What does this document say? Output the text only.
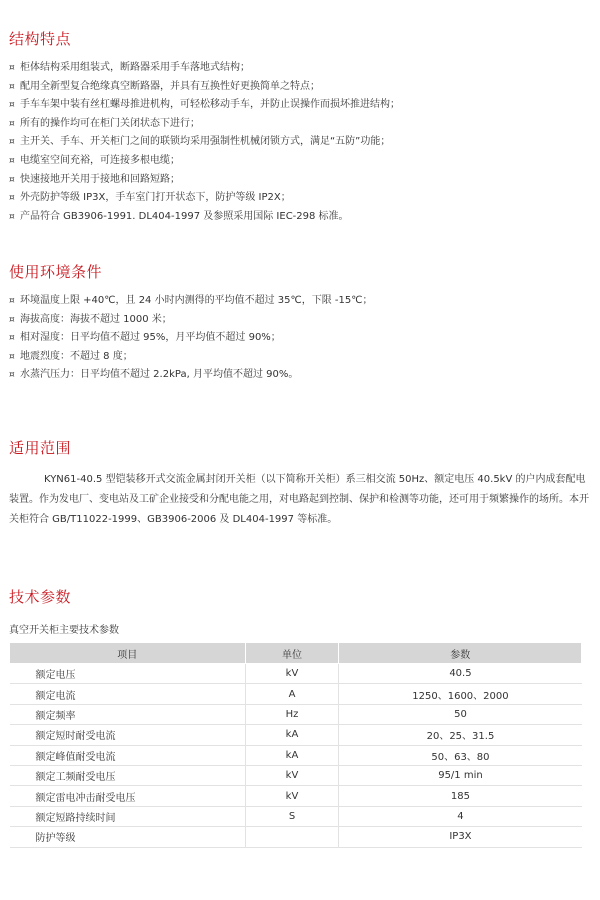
结构特点
¤ 柜体结构采用组装式，断路器采用手车落地式结构；
¤ 配用全新型复合绝缘真空断路器，并具有互换性好更换简单之特点；
¤ 手车车架中装有丝杠螺母推进机构，可轻松移动手车，并防止误操作而损坏推进结构；
¤ 所有的操作均可在柜门关闭状态下进行；
¤ 主开关、手车、开关柜门之间的联锁均采用强制性机械闭锁方式，满足“五防”功能；
¤ 电缆室空间充裕，可连接多根电缆；
¤ 快速接地开关用于接地和回路短路；
¤ 外壳防护等级 IP3X，手车室门打开状态下，防护等级 IP2X；
¤ 产品符合 GB3906-1991. DL404-1997 及参照采用国际 IEC-298 标准。
使用环境条件
¤ 环境温度上限 +40℃，且 24 小时内测得的平均值不超过 35℃，下限 -15℃；
¤ 海拔高度：海拔不超过 1000 米；
¤ 相对湿度：日平均值不超过 95%，月平均值不超过 90%；
¤ 地震烈度：不超过 8 度；
¤ 水蒸汽压力：日平均值不超过 2.2kPa, 月平均值不超过 90%。
适用范围

KYN61-40.5 型铠装移开式交流金属封闭开关柜（以下简称开关柜）系三相交流 50Hz、额定电压 40.5kV 的户内成套配电装置。作为发电厂、变电站及工矿企业接受和分配电能之用，对电路起到控制、保护和检测等功能，还可用于频繁操作的场所。本开关柜符合 GB/T11022-1999、GB3906-2006 及 DL404-1997 等标准。

技术参数

真空开关柜主要技术参数

项目	单位	参数
额定电压	kV	40.5
额定电流	A	1250、1600、2000
额定频率	Hz	50
额定短时耐受电流	kA	20、25、31.5
额定峰值耐受电流	kA	50、63、80
额定工频耐受电压	kV	95/1 min
额定雷电冲击耐受电压	kV	185
额定短路持续时间	S	4
防护等级		IP3X
